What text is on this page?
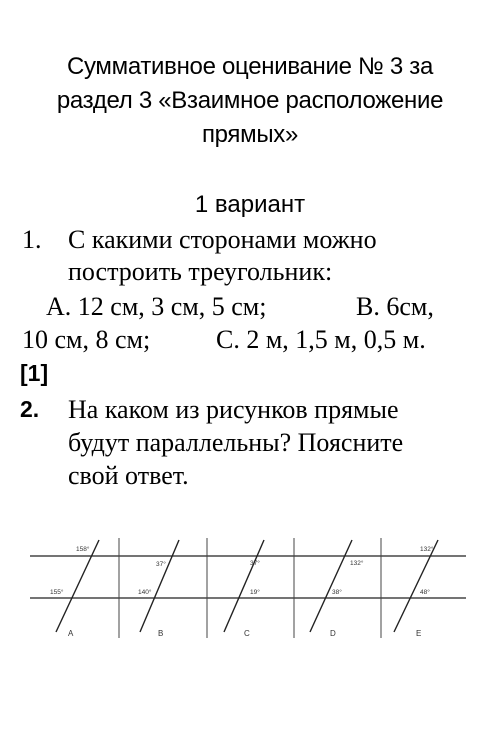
Суммативное оценивание № 3 за
раздел 3 «Взаимное расположение
прямых»
1 вариант
1. С какими сторонами можно
построить треугольник:
А. 12 см, 3 см, 5 см;	В. 6см,
10 см, 8 см;	С. 2 м, 1,5 м, 0,5 м.
[1]
2. На каком из рисунков прямые
будут параллельны? Поясните
свой ответ.
158°
155°
A
37°
140°
B
37°
19°
C
132°
38°
D
132°
48°
E
